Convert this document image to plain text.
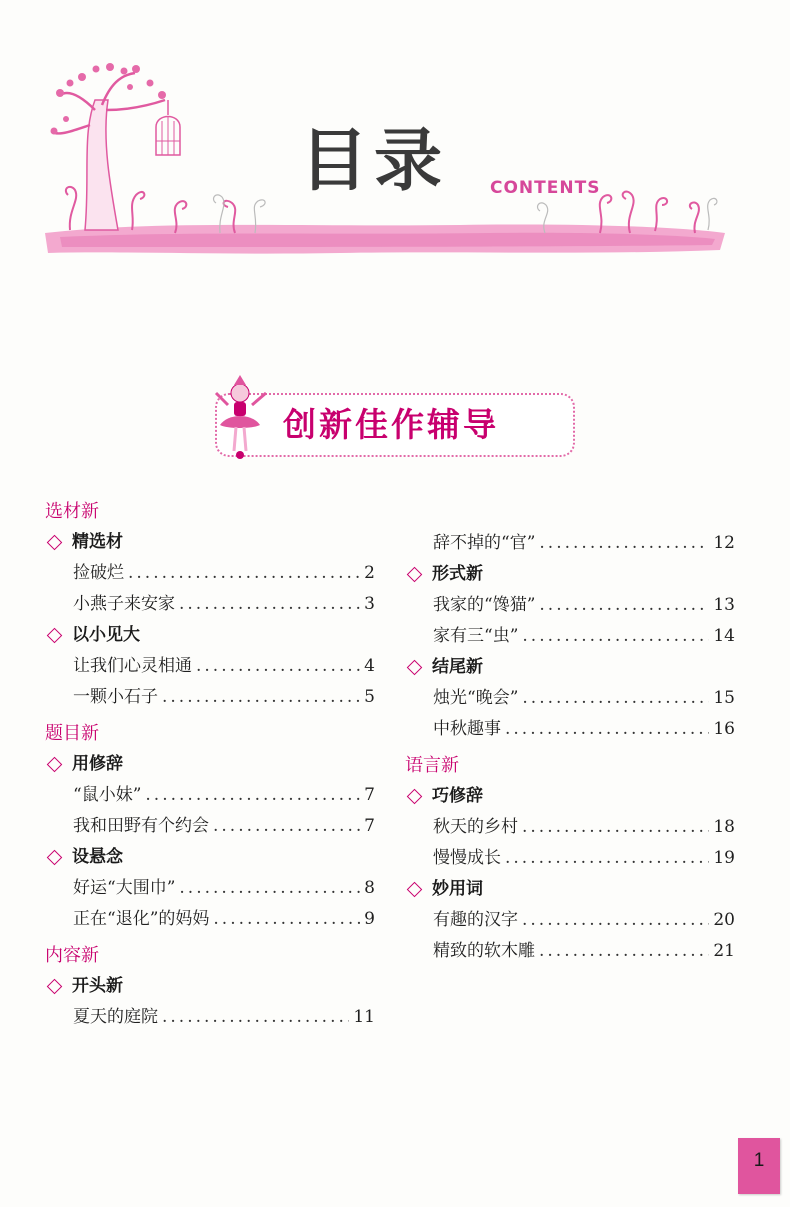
目录 CONTENTS
创新佳作辅导
选材新
精选材
捡破烂 .....	2
小燕子来安家 .....	3
以小见大
让我们心灵相通 .....	4
一颗小石子 .....	5
题目新
用修辞
“鼠小妹” .....	7
我和田野有个约会 .....	7
设悬念
好运“大围巾” .....	8
正在“退化”的妈妈 .....	9
内容新
开头新
夏天的庭院 .....	11
辞不掉的“官” .....	12
形式新
我家的“馋猫” .....	13
家有三“虫” .....	14
结尾新
烛光“晚会” .....	15
中秋趣事 .....	16
语言新
巧修辞
秋天的乡村 .....	18
慢慢成长 .....	19
妙用词
有趣的汉字 .....	20
精致的软木雕 .....	21
1
